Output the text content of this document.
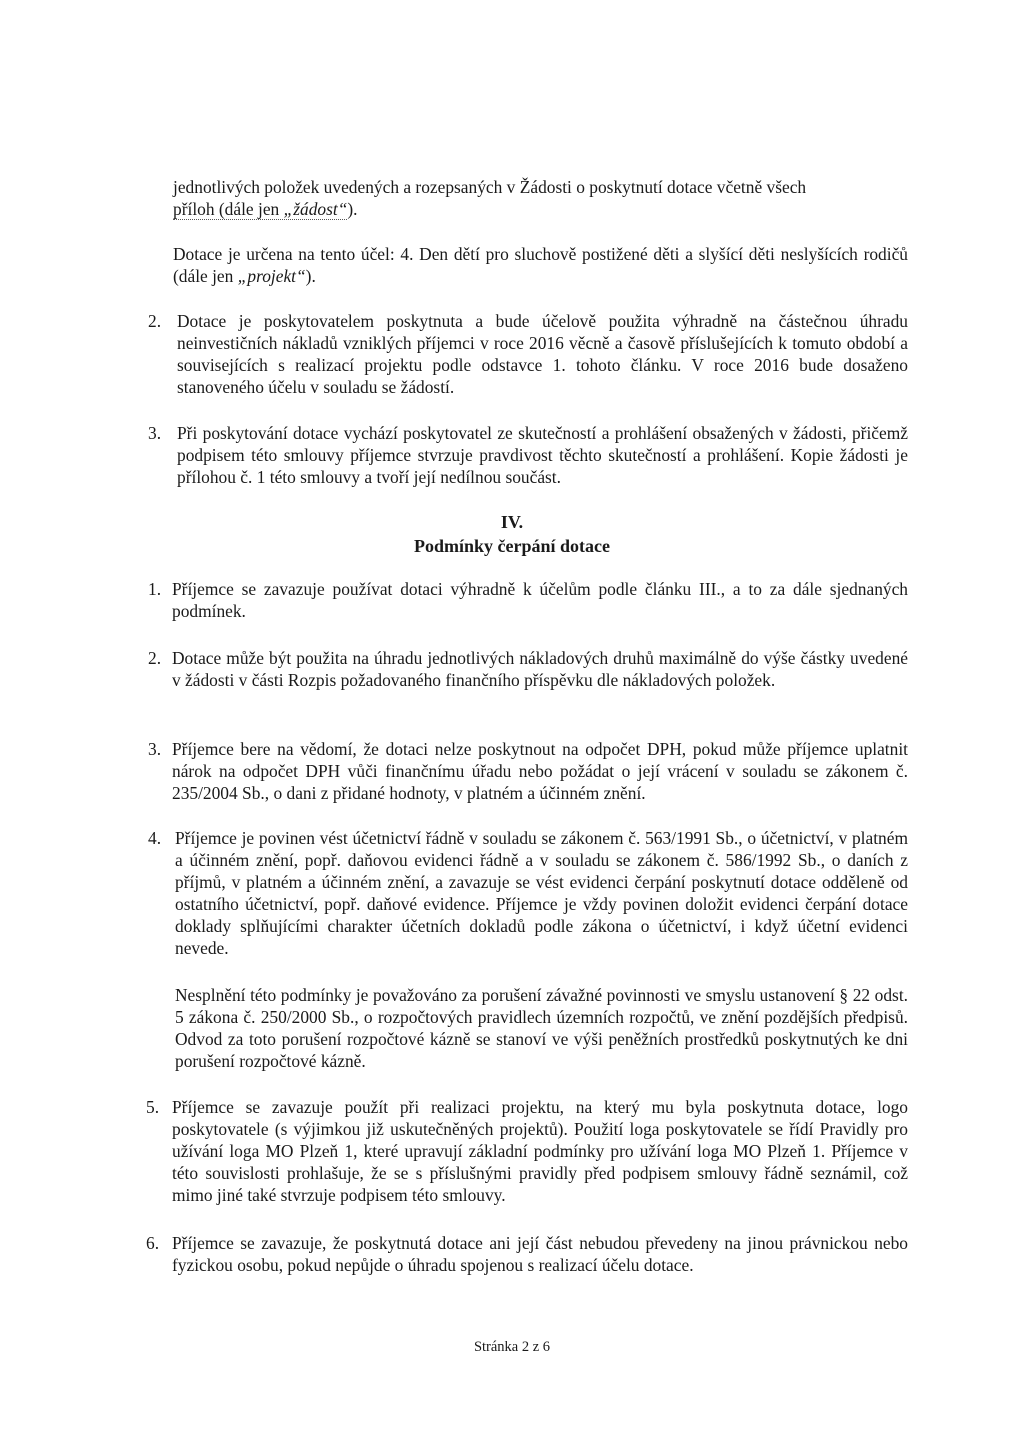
jednotlivých položek uvedených a rozepsaných v Žádosti o poskytnutí dotace včetně všech
příloh (dále jen „žádost“).

Dotace je určena na tento účel: 4. Den dětí pro sluchově postižené děti a slyšící děti neslyšících rodičů (dále jen „projekt“).

2. Dotace je poskytovatelem poskytnuta a bude účelově použita výhradně na částečnou úhradu neinvestičních nákladů vzniklých příjemci v roce 2016 věcně a časově příslušejících k tomuto období a souvisejících s realizací projektu podle odstavce 1. tohoto článku. V roce 2016 bude dosaženo stanoveného účelu v souladu se žádostí.

3. Při poskytování dotace vychází poskytovatel ze skutečností a prohlášení obsažených v žádosti, přičemž podpisem této smlouvy příjemce stvrzuje pravdivost těchto skutečností a prohlášení. Kopie žádosti je přílohou č. 1 této smlouvy a tvoří její nedílnou součást.

IV.

Podmínky čerpání dotace

1. Příjemce se zavazuje používat dotaci výhradně k účelům podle článku III., a to za dále sjednaných podmínek.

2. Dotace může být použita na úhradu jednotlivých nákladových druhů maximálně do výše částky uvedené v žádosti v části Rozpis požadovaného finančního příspěvku dle nákladových položek.

3. Příjemce bere na vědomí, že dotaci nelze poskytnout na odpočet DPH, pokud může příjemce uplatnit nárok na odpočet DPH vůči finančnímu úřadu nebo požádat o její vrácení v souladu se zákonem č. 235/2004 Sb., o dani z přidané hodnoty, v platném a účinném znění.

4. Příjemce je povinen vést účetnictví řádně v souladu se zákonem č. 563/1991 Sb., o účetnictví, v platném a účinném znění, popř. daňovou evidenci řádně a v souladu se zákonem č. 586/1992 Sb., o daních z příjmů, v platném a účinném znění, a zavazuje se vést evidenci čerpání poskytnutí dotace odděleně od ostatního účetnictví, popř. daňové evidence. Příjemce je vždy povinen doložit evidenci čerpání dotace doklady splňujícími charakter účetních dokladů podle zákona o účetnictví, i když účetní evidenci nevede.

Nesplnění této podmínky je považováno za porušení závažné povinnosti ve smyslu ustanovení § 22 odst. 5 zákona č. 250/2000 Sb., o rozpočtových pravidlech územních rozpočtů, ve znění pozdějších předpisů. Odvod za toto porušení rozpočtové kázně se stanoví ve výši peněžních prostředků poskytnutých ke dni porušení rozpočtové kázně.

5. Příjemce se zavazuje použít při realizaci projektu, na který mu byla poskytnuta dotace, logo poskytovatele (s výjimkou již uskutečněných projektů). Použití loga poskytovatele se řídí Pravidly pro užívání loga MO Plzeň 1, které upravují základní podmínky pro užívání loga MO Plzeň 1. Příjemce v této souvislosti prohlašuje, že se s příslušnými pravidly před podpisem smlouvy řádně seznámil, což mimo jiné také stvrzuje podpisem této smlouvy.

6. Příjemce se zavazuje, že poskytnutá dotace ani její část nebudou převedeny na jinou právnickou nebo fyzickou osobu, pokud nepůjde o úhradu spojenou s realizací účelu dotace.

Stránka 2 z 6
